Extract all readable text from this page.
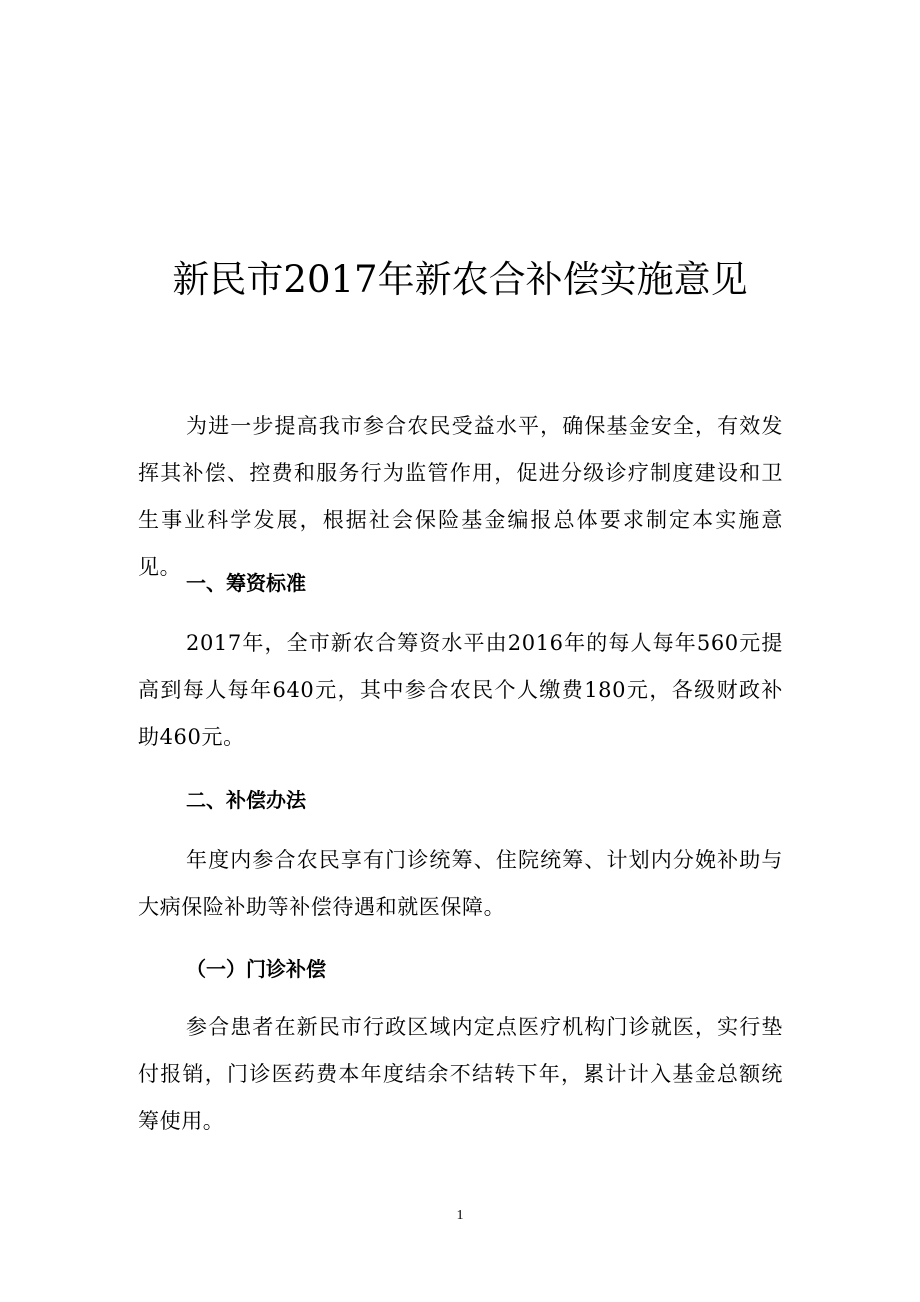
新民市2017年新农合补偿实施意见
为进一步提高我市参合农民受益水平，确保基金安全，有效发挥其补偿、控费和服务行为监管作用，促进分级诊疗制度建设和卫生事业科学发展，根据社会保险基金编报总体要求制定本实施意见。
一、筹资标准
2017年，全市新农合筹资水平由2016年的每人每年560元提高到每人每年640元，其中参合农民个人缴费180元，各级财政补助460元。
二、补偿办法
年度内参合农民享有门诊统筹、住院统筹、计划内分娩补助与大病保险补助等补偿待遇和就医保障。
（一）门诊补偿
参合患者在新民市行政区域内定点医疗机构门诊就医，实行垫付报销，门诊医药费本年度结余不结转下年，累计计入基金总额统筹使用。
1
